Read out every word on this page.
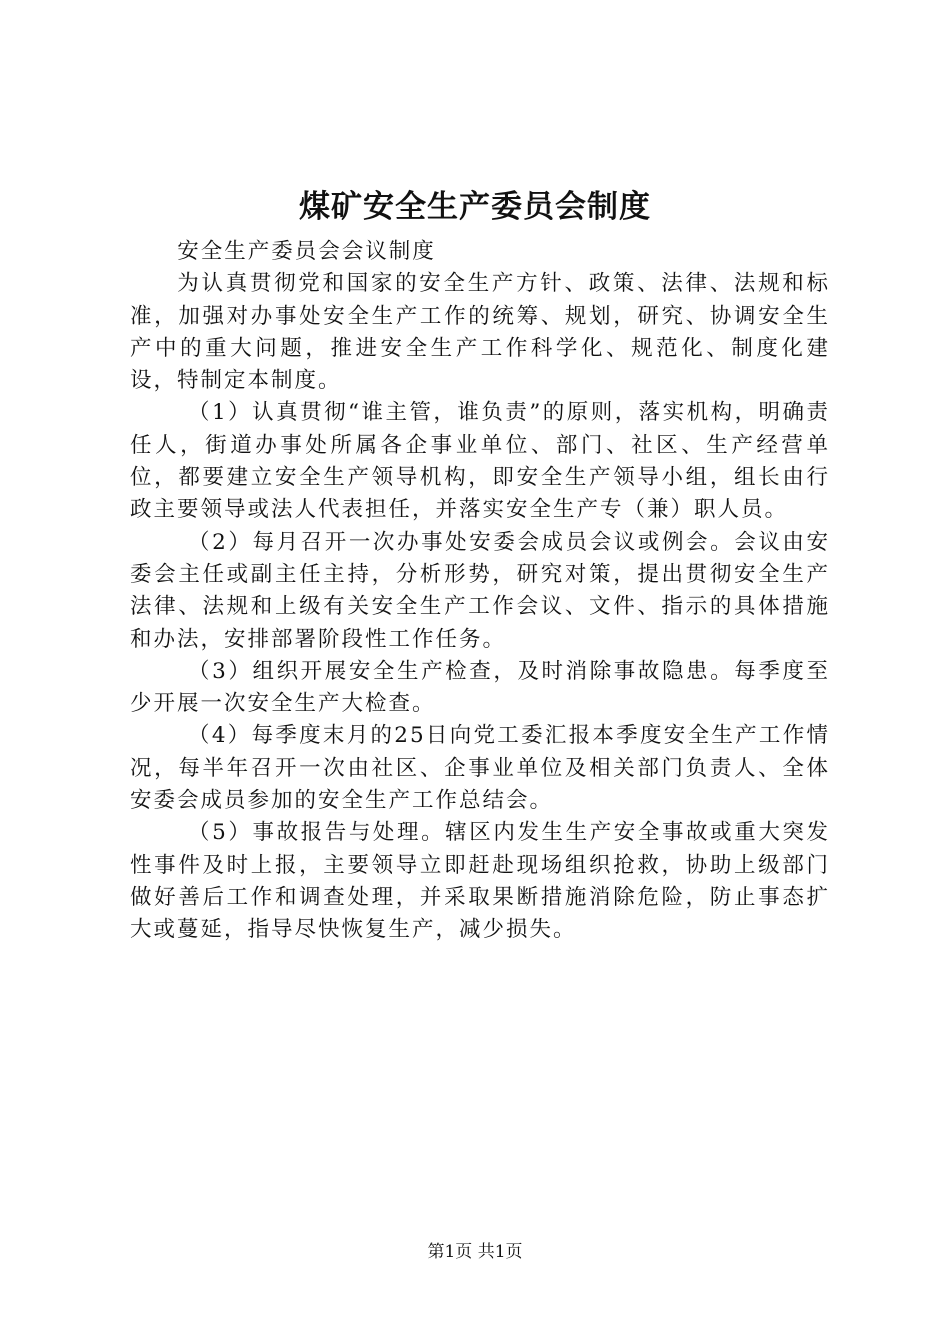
煤矿安全生产委员会制度

安全生产委员会会议制度

为认真贯彻党和国家的安全生产方针、政策、法律、法规和标准，加强对办事处安全生产工作的统筹、规划，研究、协调安全生产中的重大问题，推进安全生产工作科学化、规范化、制度化建设，特制定本制度。

（1）认真贯彻“谁主管，谁负责”的原则，落实机构，明确责任人，街道办事处所属各企事业单位、部门、社区、生产经营单位，都要建立安全生产领导机构，即安全生产领导小组，组长由行政主要领导或法人代表担任，并落实安全生产专（兼）职人员。

（2）每月召开一次办事处安委会成员会议或例会。会议由安委会主任或副主任主持，分析形势，研究对策，提出贯彻安全生产法律、法规和上级有关安全生产工作会议、文件、指示的具体措施和办法，安排部署阶段性工作任务。

（3）组织开展安全生产检查，及时消除事故隐患。每季度至少开展一次安全生产大检查。

（4）每季度末月的25日向党工委汇报本季度安全生产工作情况，每半年召开一次由社区、企事业单位及相关部门负责人、全体安委会成员参加的安全生产工作总结会。

（5）事故报告与处理。辖区内发生生产安全事故或重大突发性事件及时上报，主要领导立即赶赴现场组织抢救，协助上级部门做好善后工作和调查处理，并采取果断措施消除危险，防止事态扩大或蔓延，指导尽快恢复生产，减少损失。

第1页 共1页
